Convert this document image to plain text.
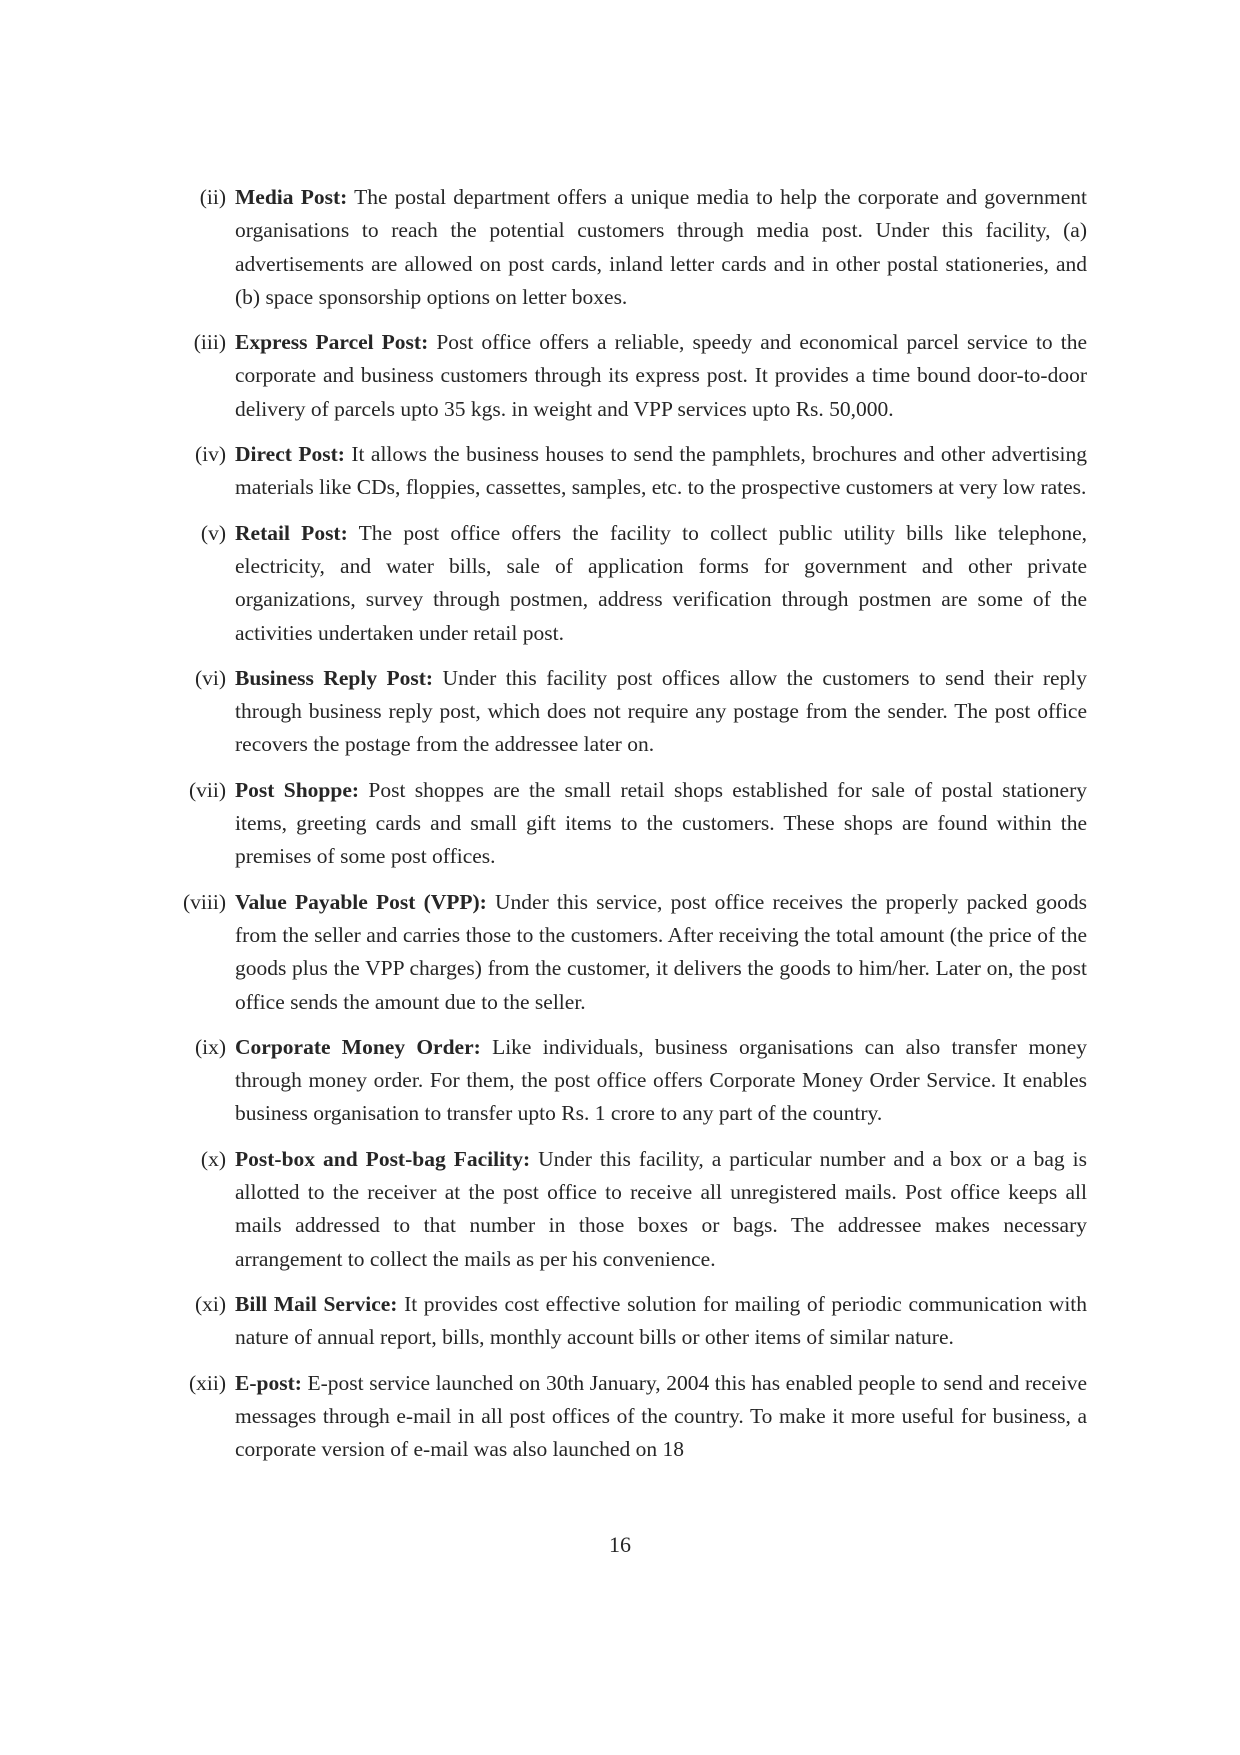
(ii) Media Post: The postal department offers a unique media to help the corporate and government organisations to reach the potential customers through media post. Under this facility, (a) advertisements are allowed on post cards, inland letter cards and in other postal stationeries, and (b) space sponsorship options on letter boxes.
(iii) Express Parcel Post: Post office offers a reliable, speedy and economical parcel service to the corporate and business customers through its express post. It provides a time bound door-to-door delivery of parcels upto 35 kgs. in weight and VPP services upto Rs. 50,000.
(iv) Direct Post: It allows the business houses to send the pamphlets, brochures and other advertising materials like CDs, floppies, cassettes, samples, etc. to the prospective customers at very low rates.
(v) Retail Post: The post office offers the facility to collect public utility bills like telephone, electricity, and water bills, sale of application forms for government and other private organizations, survey through postmen, address verification through postmen are some of the activities undertaken under retail post.
(vi) Business Reply Post: Under this facility post offices allow the customers to send their reply through business reply post, which does not require any postage from the sender. The post office recovers the postage from the addressee later on.
(vii) Post Shoppe: Post shoppes are the small retail shops established for sale of postal stationery items, greeting cards and small gift items to the customers. These shops are found within the premises of some post offices.
(viii) Value Payable Post (VPP): Under this service, post office receives the properly packed goods from the seller and carries those to the customers. After receiving the total amount (the price of the goods plus the VPP charges) from the customer, it delivers the goods to him/her. Later on, the post office sends the amount due to the seller.
(ix) Corporate Money Order: Like individuals, business organisations can also transfer money through money order. For them, the post office offers Corporate Money Order Service. It enables business organisation to transfer upto Rs. 1 crore to any part of the country.
(x) Post-box and Post-bag Facility: Under this facility, a particular number and a box or a bag is allotted to the receiver at the post office to receive all unregistered mails. Post office keeps all mails addressed to that number in those boxes or bags. The addressee makes necessary arrangement to collect the mails as per his convenience.
(xi) Bill Mail Service: It provides cost effective solution for mailing of periodic communication with nature of annual report, bills, monthly account bills or other items of similar nature.
(xii) E-post: E-post service launched on 30th January, 2004 this has enabled people to send and receive messages through e-mail in all post offices of the country. To make it more useful for business, a corporate version of e-mail was also launched on 18
16
